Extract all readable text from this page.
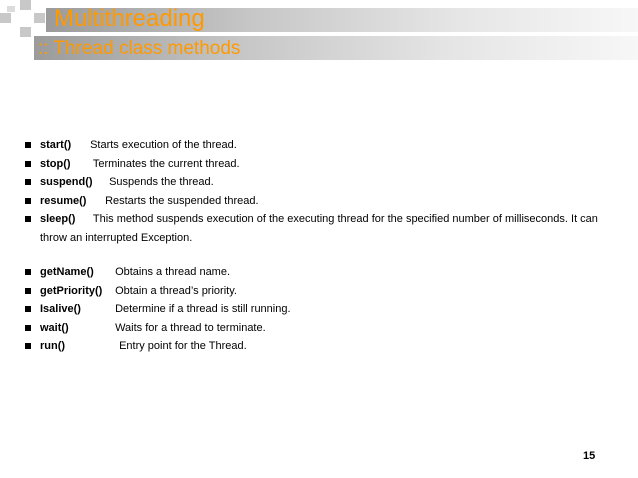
Multithreading
:: Thread class methods
start() Starts execution of the thread.
stop() Terminates the current thread.
suspend() Suspends the thread.
resume() Restarts the suspended thread.
sleep() This method suspends execution of the executing thread for the specified number of milliseconds. It can throw an interrupted Exception.
getName() Obtains a thread name.
getPriority() Obtain a thread’s priority.
Isalive()	Determine if a thread is still running.
wait()	Waits for a thread to terminate.
run()	Entry point for the Thread.
15
